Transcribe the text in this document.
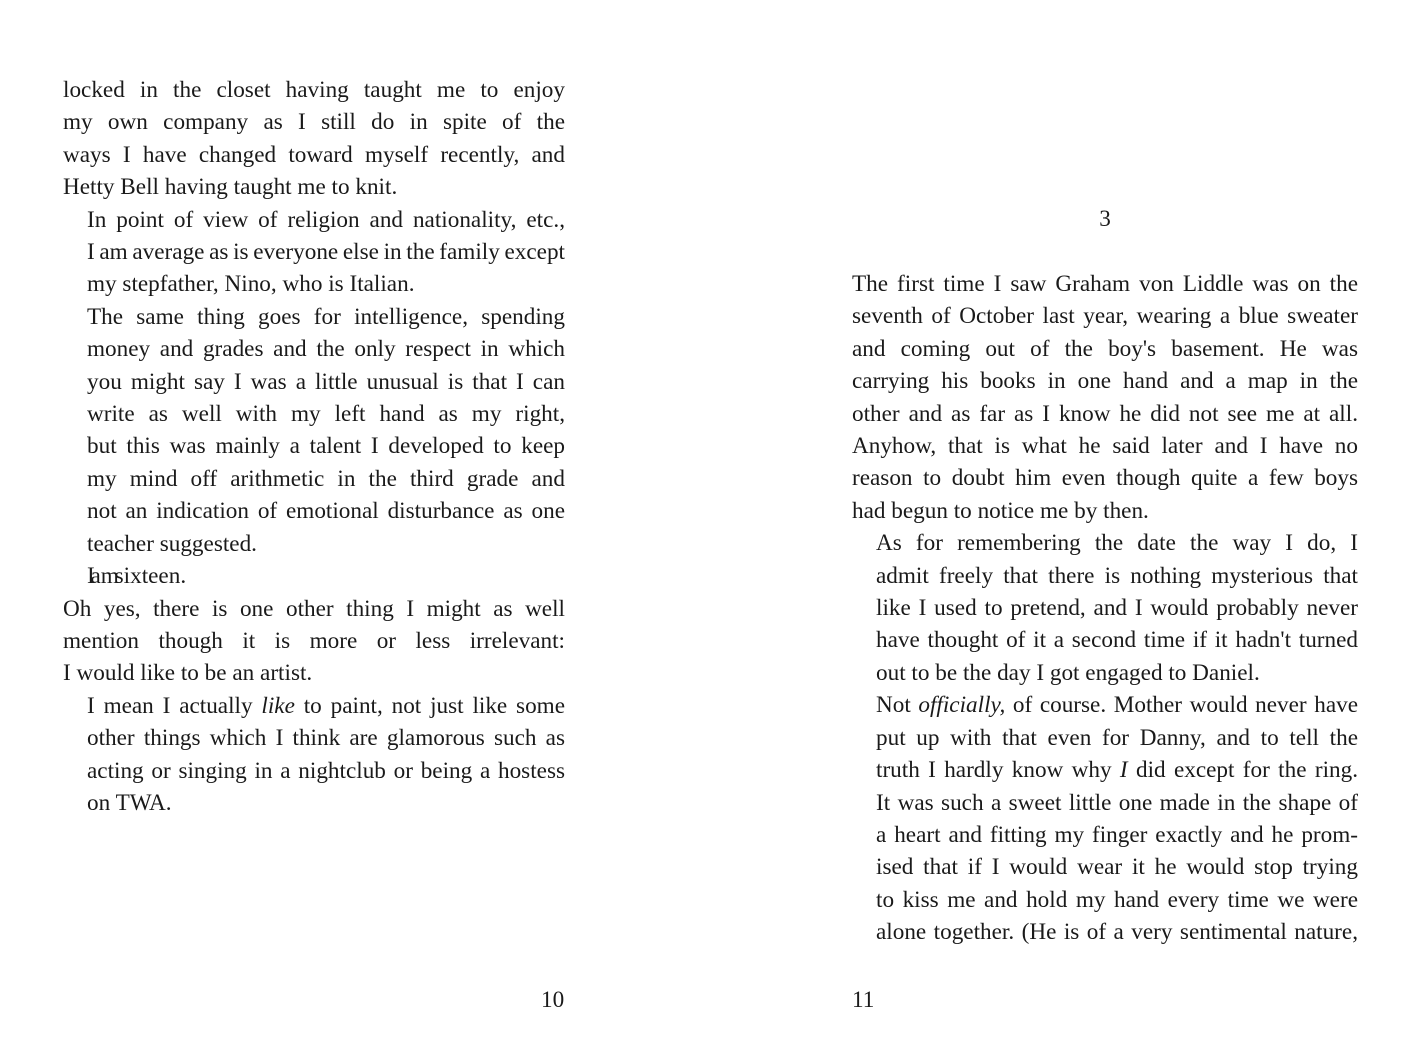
locked in the closet having taught me to enjoy
my own company as I still do in spite of the
ways I have changed toward myself recently, and
Hetty Bell having taught me to knit.

In point of view of religion and nationality, etc.,
I am average as is everyone else in the family except
my stepfather, Nino, who is Italian.

The same thing goes for intelligence, spending
money and grades and the only respect in which
you might say I was a little unusual is that I can
write as well with my left hand as my right,
but this was mainly a talent I developed to keep
my mind off arithmetic in the third grade and
not an indication of emotional disturbance as one
teacher suggested.

I am sixteen.

Oh yes, there is one other thing I might as well
mention though it is more or less irrelevant:
I would like to be an artist.

I mean I actually like to paint, not just like some
other things which I think are glamorous such as
acting or singing in a nightclub or being a hostess
on TWA.

10
3

The first time I saw Graham von Liddle was on the
seventh of October last year, wearing a blue sweater
and coming out of the boy's basement. He was
carrying his books in one hand and a map in the
other and as far as I know he did not see me at all.
Anyhow, that is what he said later and I have no
reason to doubt him even though quite a few boys
had begun to notice me by then.

As for remembering the date the way I do, I
admit freely that there is nothing mysterious that
like I used to pretend, and I would probably never
have thought of it a second time if it hadn't turned
out to be the day I got engaged to Daniel.

Not officially, of course. Mother would never have
put up with that even for Danny, and to tell the
truth I hardly know why I did except for the ring.
It was such a sweet little one made in the shape of
a heart and fitting my finger exactly and he prom-
ised that if I would wear it he would stop trying
to kiss me and hold my hand every time we were
alone together. (He is of a very sentimental nature,

11
